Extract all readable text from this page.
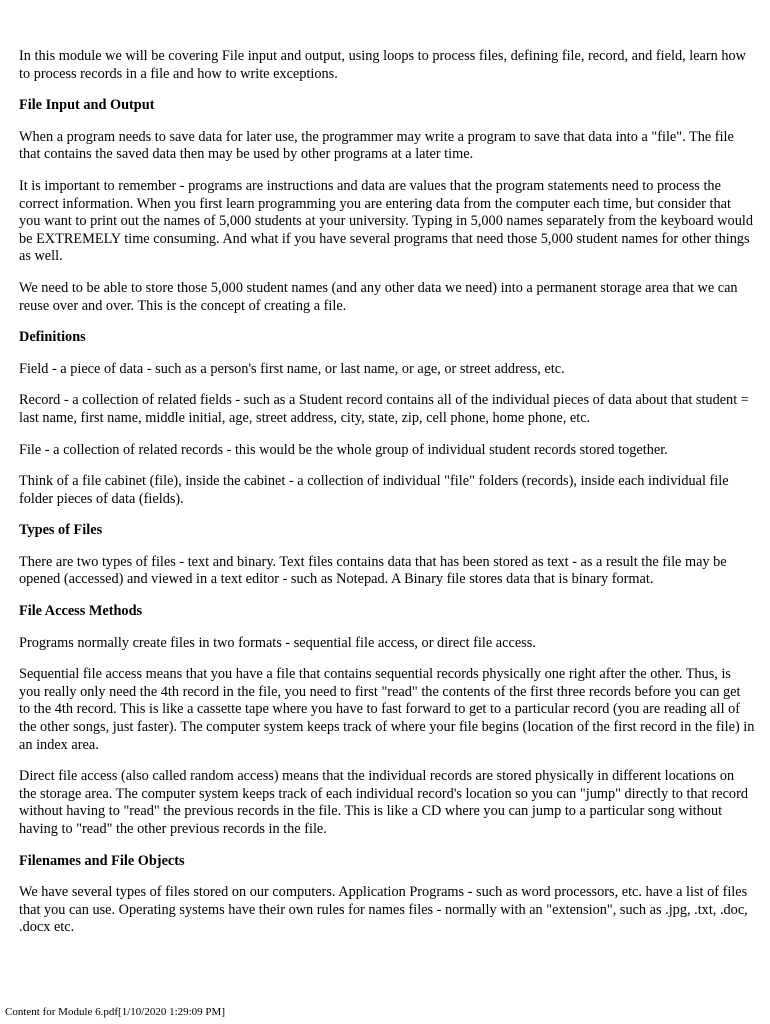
In this module we will be covering File input and output, using loops to process files, defining file, record, and field, learn how to process records in a file and how to write exceptions.

File Input and Output

When a program needs to save data for later use, the programmer may write a program to save that data into a "file". The file that contains the saved data then may be used by other programs at a later time.

It is important to remember - programs are instructions and data are values that the program statements need to process the correct information. When you first learn programming you are entering data from the computer each time, but consider that you want to print out the names of 5,000 students at your university. Typing in 5,000 names separately from the keyboard would be EXTREMELY time consuming. And what if you have several programs that need those 5,000 student names for other things as well.

We need to be able to store those 5,000 student names (and any other data we need) into a permanent storage area that we can reuse over and over. This is the concept of creating a file.

Definitions

Field - a piece of data - such as a person's first name, or last name, or age, or street address, etc.

Record - a collection of related fields - such as a Student record contains all of the individual pieces of data about that student = last name, first name, middle initial, age, street address, city, state, zip, cell phone, home phone, etc.

File - a collection of related records - this would be the whole group of individual student records stored together.

Think of a file cabinet (file), inside the cabinet - a collection of individual "file" folders (records), inside each individual file folder pieces of data (fields).

Types of Files

There are two types of files - text and binary. Text files contains data that has been stored as text - as a result the file may be opened (accessed) and viewed in a text editor - such as Notepad. A Binary file stores data that is binary format.

File Access Methods

Programs normally create files in two formats - sequential file access, or direct file access.

Sequential file access means that you have a file that contains sequential records physically one right after the other. Thus, is you really only need the 4th record in the file, you need to first "read" the contents of the first three records before you can get to the 4th record. This is like a cassette tape where you have to fast forward to get to a particular record (you are reading all of the other songs, just faster). The computer system keeps track of where your file begins (location of the first record in the file) in an index area.

Direct file access (also called random access) means that the individual records are stored physically in different locations on the storage area. The computer system keeps track of each individual record's location so you can "jump" directly to that record without having to "read" the previous records in the file. This is like a CD where you can jump to a particular song without having to "read" the other previous records in the file.

Filenames and File Objects

We have several types of files stored on our computers. Application Programs - such as word processors, etc. have a list of files that you can use. Operating systems have their own rules for names files - normally with an "extension", such as .jpg, .txt, .doc, .docx etc.

Content for Module 6.pdf[1/10/2020 1:29:09 PM]
